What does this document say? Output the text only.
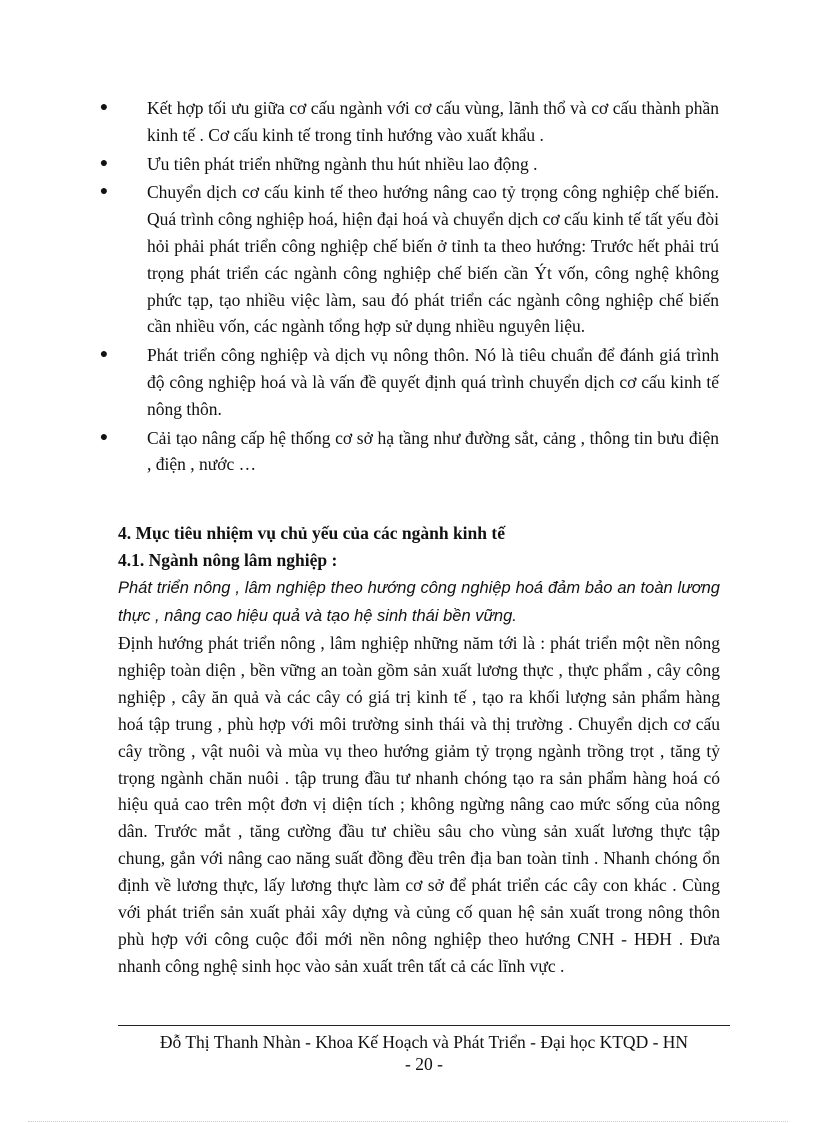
● Kết hợp tối ưu giữa cơ cấu ngành với cơ cấu vùng, lãnh thổ và cơ cấu thành phần kinh tế . Cơ cấu kinh tế trong tỉnh hướng vào xuất khẩu .
● Ưu tiên phát triển những ngành thu hút nhiều lao động .
● Chuyển dịch cơ cấu kinh tế theo hướng nâng cao tỷ trọng công nghiệp chế biến. Quá trình công nghiệp hoá, hiện đại hoá và chuyển dịch cơ cấu kinh tế tất yếu đòi hỏi phải phát triển công nghiệp chế biến ở tỉnh ta theo hướng: Trước hết phải trú trọng phát triển các ngành công nghiệp chế biến cần Ýt vốn, công nghệ không phức tạp, tạo nhiều việc làm, sau đó phát triển các ngành công nghiệp chế biến cần nhiều vốn, các ngành tổng hợp sử dụng nhiều nguyên liệu.
● Phát triển công nghiệp và dịch vụ nông thôn. Nó là tiêu chuẩn để đánh giá trình độ công nghiệp hoá và là vấn đề quyết định quá trình chuyển dịch cơ cấu kinh tế nông thôn.
● Cải tạo nâng cấp hệ thống cơ sở hạ tầng như đường sắt, cảng , thông tin bưu điện , điện , nước …
4. Mục tiêu nhiệm vụ chủ yếu của các ngành kinh tế
4.1. Ngành nông lâm nghiệp :
Phát triển nông , lâm nghiệp theo hướng công nghiệp hoá đảm bảo an toàn lương thực , nâng cao hiệu quả và tạo hệ sinh thái bền vững.
Định hướng phát triển nông , lâm nghiệp những năm tới là : phát triển một nền nông nghiệp toàn diện , bền vững an toàn gồm sản xuất lương thực , thực phẩm , cây công nghiệp , cây ăn quả và các cây có giá trị kinh tế , tạo ra khối lượng sản phẩm hàng hoá tập trung , phù hợp với môi trường sinh thái và thị trường . Chuyển dịch cơ cấu cây trồng , vật nuôi và mùa vụ theo hướng giảm tỷ trọng ngành trồng trọt , tăng tỷ trọng ngành chăn nuôi . tập trung đầu tư nhanh chóng tạo ra sản phẩm hàng hoá có hiệu quả cao trên một đơn vị diện tích ; không ngừng nâng cao mức sống của nông dân. Trước mắt , tăng cường đầu tư chiều sâu cho vùng sản xuất lương thực tập chung, gắn với nâng cao năng suất đồng đều trên địa ban toàn tỉnh . Nhanh chóng ổn định về lương thực, lấy lương thực làm cơ sở để phát triển các cây con khác . Cùng với phát triển sản xuất phải xây dựng và củng cố quan hệ sản xuất trong nông thôn phù hợp với công cuộc đổi mới nền nông nghiệp theo hướng CNH - HĐH . Đưa nhanh công nghệ sinh học vào sản xuất trên tất cả các lĩnh vực .
Đỗ Thị Thanh Nhàn - Khoa Kế Hoạch và Phát Triển - Đại học KTQD - HN
- 20 -
